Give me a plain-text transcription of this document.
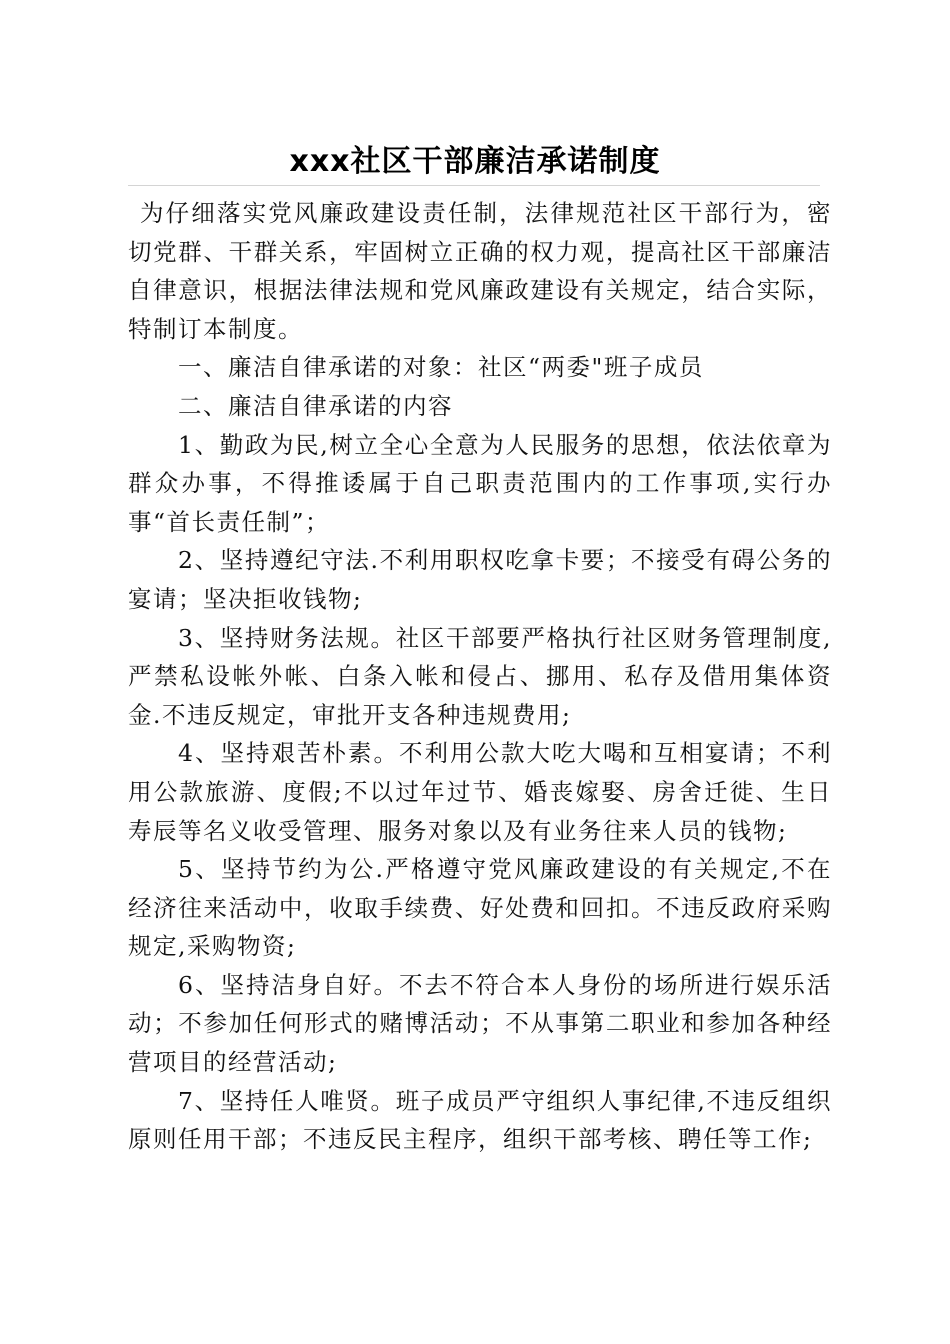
xxx社区干部廉洁承诺制度

为仔细落实党风廉政建设责任制，法律规范社区干部行为，密切党群、干群关系，牢固树立正确的权力观，提高社区干部廉洁自律意识，根据法律法规和党风廉政建设有关规定，结合实际，特制订本制度。

一、廉洁自律承诺的对象：社区“两委"班子成员

二、廉洁自律承诺的内容

1、勤政为民,树立全心全意为人民服务的思想，依法依章为群众办事，不得推诿属于自己职责范围内的工作事项,实行办事“首长责任制”；

2、坚持遵纪守法.不利用职权吃拿卡要；不接受有碍公务的宴请；坚决拒收钱物;

3、坚持财务法规。社区干部要严格执行社区财务管理制度,严禁私设帐外帐、白条入帐和侵占、挪用、私存及借用集体资金.不违反规定，审批开支各种违规费用;

4、坚持艰苦朴素。不利用公款大吃大喝和互相宴请；不利用公款旅游、度假;不以过年过节、婚丧嫁娶、房舍迁徙、生日寿辰等名义收受管理、服务对象以及有业务往来人员的钱物;

5、坚持节约为公.严格遵守党风廉政建设的有关规定,不在经济往来活动中，收取手续费、好处费和回扣。不违反政府采购规定,采购物资;

6、坚持洁身自好。不去不符合本人身份的场所进行娱乐活动；不参加任何形式的赌博活动；不从事第二职业和参加各种经营项目的经营活动;

7、坚持任人唯贤。班子成员严守组织人事纪律,不违反组织原则任用干部；不违反民主程序，组织干部考核、聘任等工作;
